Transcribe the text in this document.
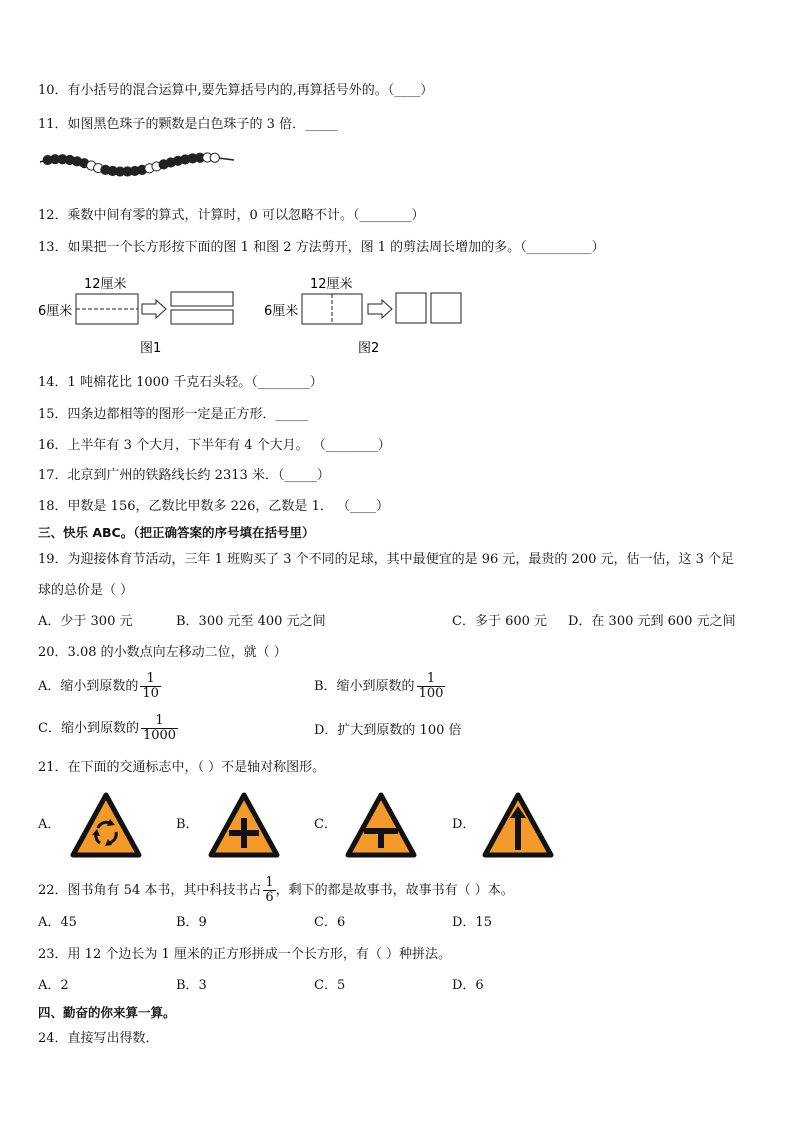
10．有小括号的混合运算中,要先算括号内的,再算括号外的。（____）
11．如图黑色珠子的颗数是白色珠子的 3 倍．_____
12．乘数中间有零的算式，计算时，0 可以忽略不计。（________）
13．如果把一个长方形按下面的图 1 和图 2 方法剪开，图 1 的剪法周长增加的多。（__________）
12厘米
6厘米
图1
12厘米
6厘米
图2
14．1 吨棉花比 1000 千克石头轻。（________）
15．四条边都相等的图形一定是正方形．_____
16．上半年有 3 个大月，下半年有 4 个大月。 （________）
17．北京到广州的铁路线长约 2313 米．（_____）
18．甲数是 156，乙数比甲数多 226，乙数是 1． （____）
三、快乐 ABC。（把正确答案的序号填在括号里）
19．为迎接体育节活动，三年 1 班购买了 3 个不同的足球，其中最便宜的是 96 元，最贵的 200 元，估一估，这 3 个足
球的总价是（ ）
A．少于 300 元	B．300 元至 400 元之间	C．多于 600 元 D．在 300 元到 600 元之间
20．3.08 的小数点向左移动二位，就（ ）
A．缩小到原数的 $\frac{1}{10}$	B．缩小到原数的 $\frac{1}{100}$
C．缩小到原数的 $\frac{1}{1000}$	D．扩大到原数的 100 倍
21．在下面的交通标志中，（ ）不是轴对称图形。
A．	B．	C．	D．
22．图书角有 54 本书，其中科技书占 $\frac{1}{6}$ ，剩下的都是故事书，故事书有（ ）本。
A．45	B．9	C．6	D．15
23．用 12 个边长为 1 厘米的正方形拼成一个长方形，有（ ）种拼法。
A．2	B．3	C．5	D．6
四、勤奋的你来算一算。
24．直接写出得数．
